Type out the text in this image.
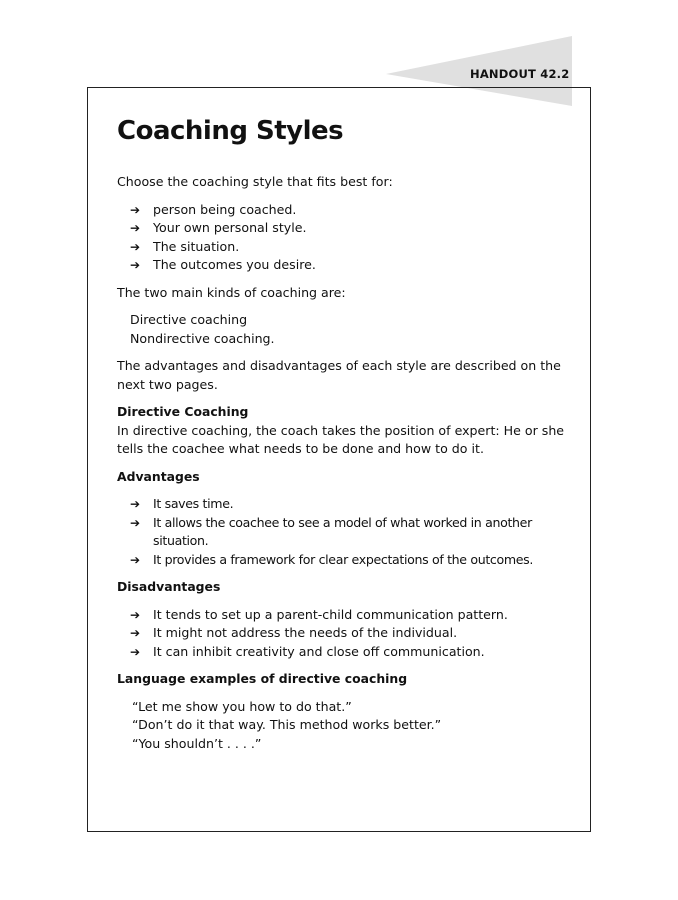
HANDOUT 42.2
Coaching Styles

Choose the coaching style that fits best for:

➔ person being coached.
➔ Your own personal style.
➔ The situation.
➔ The outcomes you desire.

The two main kinds of coaching are:

Directive coaching

Nondirective coaching.

The advantages and disadvantages of each style are described on the next two pages.

Directive Coaching

In directive coaching, the coach takes the position of expert: He or she tells the coachee what needs to be done and how to do it.

Advantages

➔ It saves time.
➔ It allows the coachee to see a model of what worked in another situation.
➔ It provides a framework for clear expectations of the outcomes.

Disadvantages

➔ It tends to set up a parent-child communication pattern.
➔ It might not address the needs of the individual.
➔ It can inhibit creativity and close off communication.

Language examples of directive coaching

“Let me show you how to do that.”

“Don’t do it that way. This method works better.”

“You shouldn’t . . . .”
